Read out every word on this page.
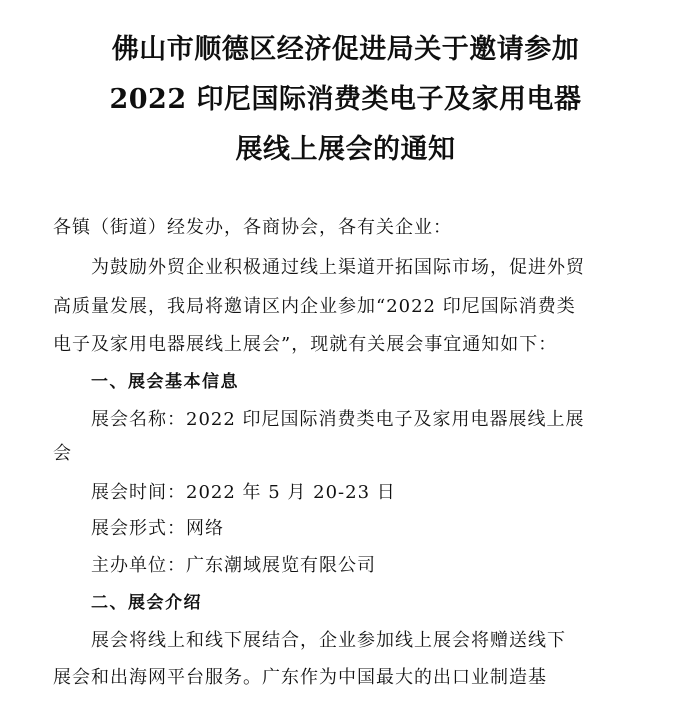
佛山市顺德区经济促进局关于邀请参加
2022 印尼国际消费类电子及家用电器
展线上展会的通知
各镇（街道）经发办，各商协会，各有关企业：
为鼓励外贸企业积极通过线上渠道开拓国际市场，促进外贸
高质量发展，我局将邀请区内企业参加“2022 印尼国际消费类
电子及家用电器展线上展会”，现就有关展会事宜通知如下：
一、展会基本信息
展会名称：2022 印尼国际消费类电子及家用电器展线上展
会
展会时间：2022 年 5 月 20-23 日
展会形式：网络
主办单位：广东潮域展览有限公司
二、展会介绍
展会将线上和线下展结合，企业参加线上展会将赠送线下
展会和出海网平台服务。广东作为中国最大的出口业制造基
